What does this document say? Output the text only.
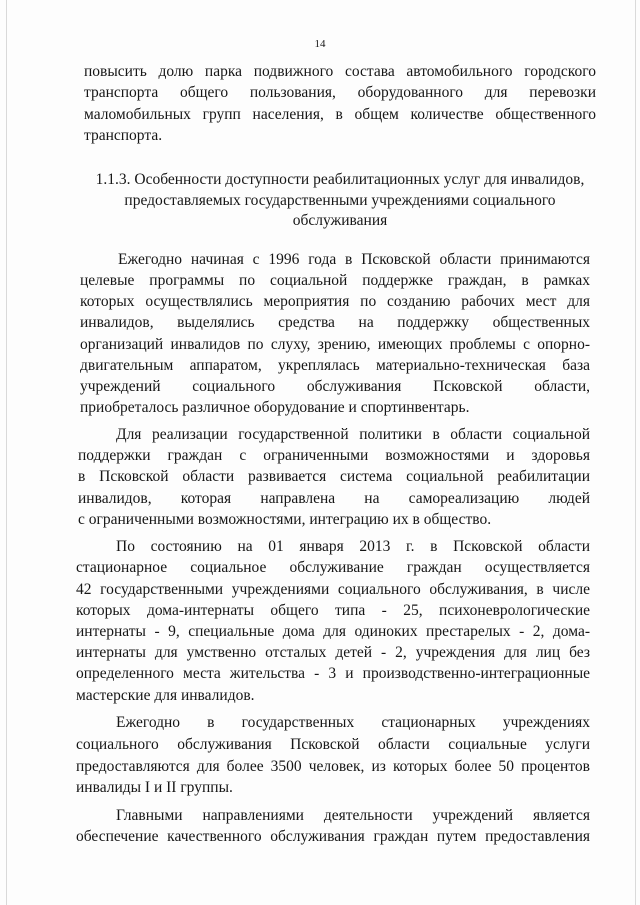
14
повысить долю парка подвижного состава автомобильного городского
транспорта общего пользования, оборудованного для перевозки
маломобильных групп населения, в общем количестве общественного
транспорта.
1.1.3. Особенности доступности реабилитационных услуг для инвалидов,
предоставляемых государственными учреждениями социального
обслуживания
Ежегодно начиная с 1996 года в Псковской области принимаются
целевые программы по социальной поддержке граждан, в рамках
которых осуществлялись мероприятия по созданию рабочих мест для
инвалидов, выделялись средства на поддержку общественных
организаций инвалидов по слуху, зрению, имеющих проблемы с опорно-
двигательным аппаратом, укреплялась материально-техническая база
учреждений социального обслуживания Псковской области,
приобреталось различное оборудование и спортинвентарь.
Для реализации государственной политики в области социальной
поддержки граждан с ограниченными возможностями и здоровья
в Псковской области развивается система социальной реабилитации
инвалидов, которая направлена на самореализацию людей
с ограниченными возможностями, интеграцию их в общество.
По состоянию на 01 января 2013 г. в Псковской области
стационарное социальное обслуживание граждан осуществляется
42 государственными учреждениями социального обслуживания, в числе
которых дома-интернаты общего типа - 25, психоневрологические
интернаты - 9, специальные дома для одиноких престарелых - 2, дома-
интернаты для умственно отсталых детей - 2, учреждения для лиц без
определенного места жительства - 3 и производственно-интеграционные
мастерские для инвалидов.
Ежегодно в государственных стационарных учреждениях
социального обслуживания Псковской области социальные услуги
предоставляются для более 3500 человек, из которых более 50 процентов
инвалиды I и II группы.
Главными направлениями деятельности учреждений является
обеспечение качественного обслуживания граждан путем предоставления
